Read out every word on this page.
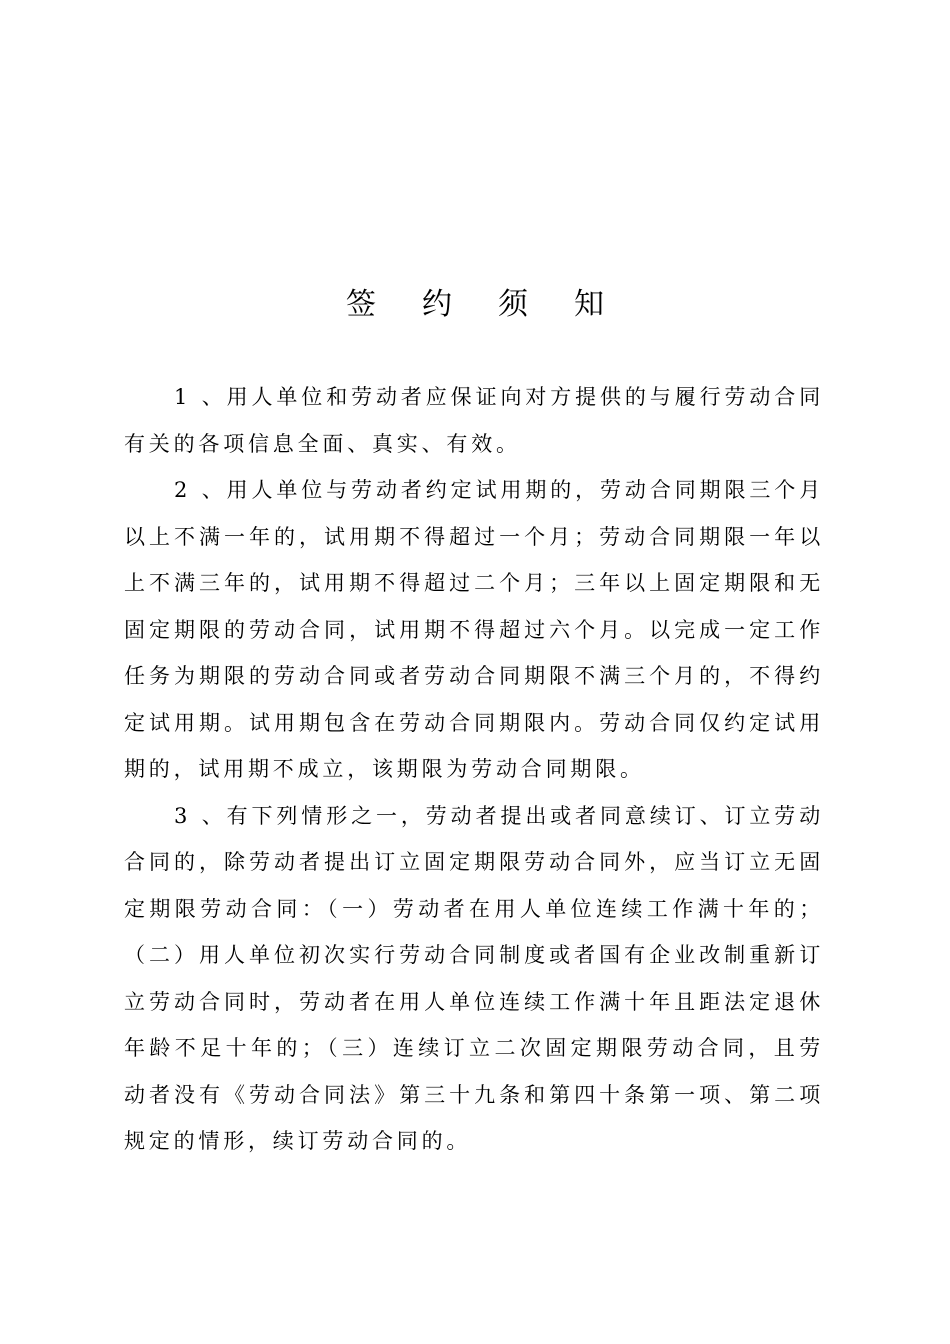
签约须知

1 、用人单位和劳动者应保证向对方提供的与履行劳动合同有关的各项信息全面、真实、有效。

2 、用人单位与劳动者约定试用期的，劳动合同期限三个月以上不满一年的，试用期不得超过一个月；劳动合同期限一年以上不满三年的，试用期不得超过二个月；三年以上固定期限和无固定期限的劳动合同，试用期不得超过六个月。以完成一定工作任务为期限的劳动合同或者劳动合同期限不满三个月的，不得约定试用期。试用期包含在劳动合同期限内。劳动合同仅约定试用期的，试用期不成立，该期限为劳动合同期限。

3 、有下列情形之一，劳动者提出或者同意续订、订立劳动合同的，除劳动者提出订立固定期限劳动合同外，应当订立无固定期限劳动合同：（一）劳动者在用人单位连续工作满十年的；（二）用人单位初次实行劳动合同制度或者国有企业改制重新订立劳动合同时，劳动者在用人单位连续工作满十年且距法定退休年龄不足十年的；（三）连续订立二次固定期限劳动合同，且劳动者没有《劳动合同法》第三十九条和第四十条第一项、第二项规定的情形，续订劳动合同的。
